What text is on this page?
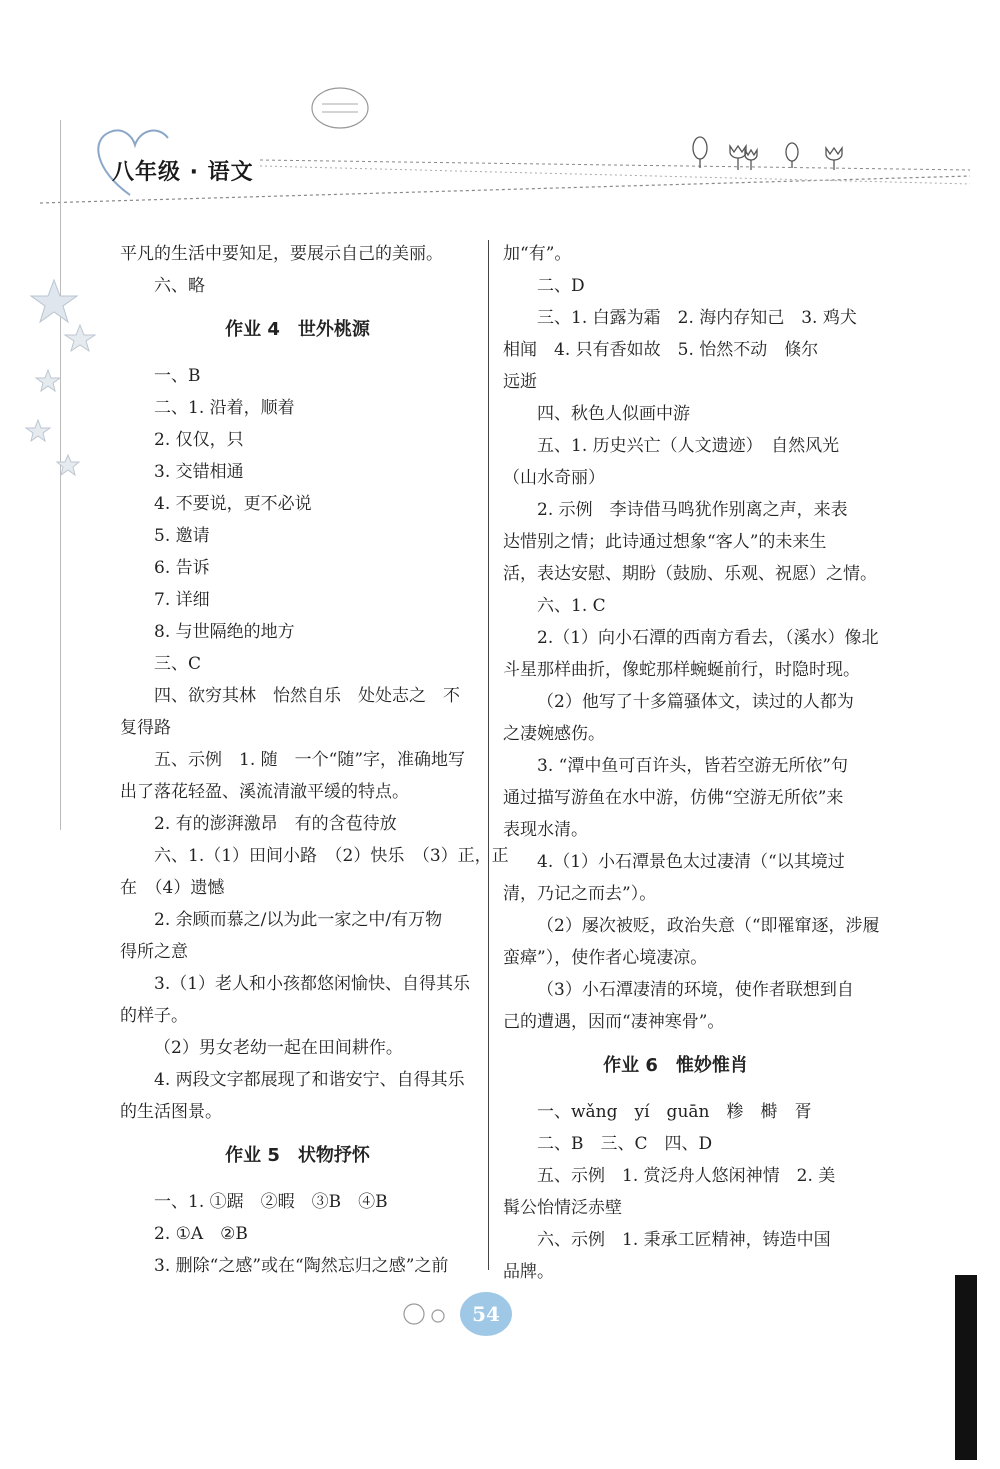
八年级 · 语文
平凡的生活中要知足，要展示自己的美丽。
六、略
作业 4　世外桃源
一、B
二、1. 沿着，顺着
2. 仅仅，只
3. 交错相通
4. 不要说，更不必说
5. 邀请
6. 告诉
7. 详细
8. 与世隔绝的地方
三、C
四、欲穷其林　怡然自乐　处处志之　不
复得路
五、示例　1. 随　一个“随”字，准确地写
出了落花轻盈、溪流清澈平缓的特点。
2. 有的澎湃激昂　有的含苞待放
六、1.（1）田间小路　（2）快乐　（3）正，正
在　（4）遗憾
2. 余顾而慕之/以为此一家之中/有万物
得所之意
3.（1）老人和小孩都悠闲愉快、自得其乐
的样子。
（2）男女老幼一起在田间耕作。
4. 两段文字都展现了和谐安宁、自得其乐
的生活图景。
作业 5　状物抒怀
一、1. ①踞　②暇　③B　④B
2. ①A　②B
3. 删除“之感”或在“陶然忘归之感”之前
加“有”。
二、D
三、1. 白露为霜　2. 海内存知己　3. 鸡犬
相闻　4. 只有香如故　5. 怡然不动　倏尔
远逝
四、秋色人似画中游
五、1. 历史兴亡（人文遗迹）　自然风光
（山水奇丽）
2. 示例　李诗借马鸣犹作别离之声，来表
达惜别之情；此诗通过想象“客人”的未来生
活，表达安慰、期盼（鼓励、乐观、祝愿）之情。
六、1. C
2.（1）向小石潭的西南方看去，（溪水）像北
斗星那样曲折，像蛇那样蜿蜒前行，时隐时现。
（2）他写了十多篇骚体文，读过的人都为
之凄婉感伤。
3. “潭中鱼可百许头，皆若空游无所依”句
通过描写游鱼在水中游，仿佛“空游无所依”来
表现水清。
4.（1）小石潭景色太过凄清（“以其境过
清，乃记之而去”）。
（2）屡次被贬，政治失意（“即罹窜逐，涉履
蛮瘴”），使作者心境凄凉。
（3）小石潭凄清的环境，使作者联想到自
己的遭遇，因而“凄神寒骨”。
作业 6　惟妙惟肖
一、wǎng　yí　guān　糁　榯　胥
二、B　三、C　四、D
五、示例　1. 赏泛舟人悠闲神情　2. 美
髯公怡情泛赤壁
六、示例　1. 秉承工匠精神，铸造中国
品牌。
54
